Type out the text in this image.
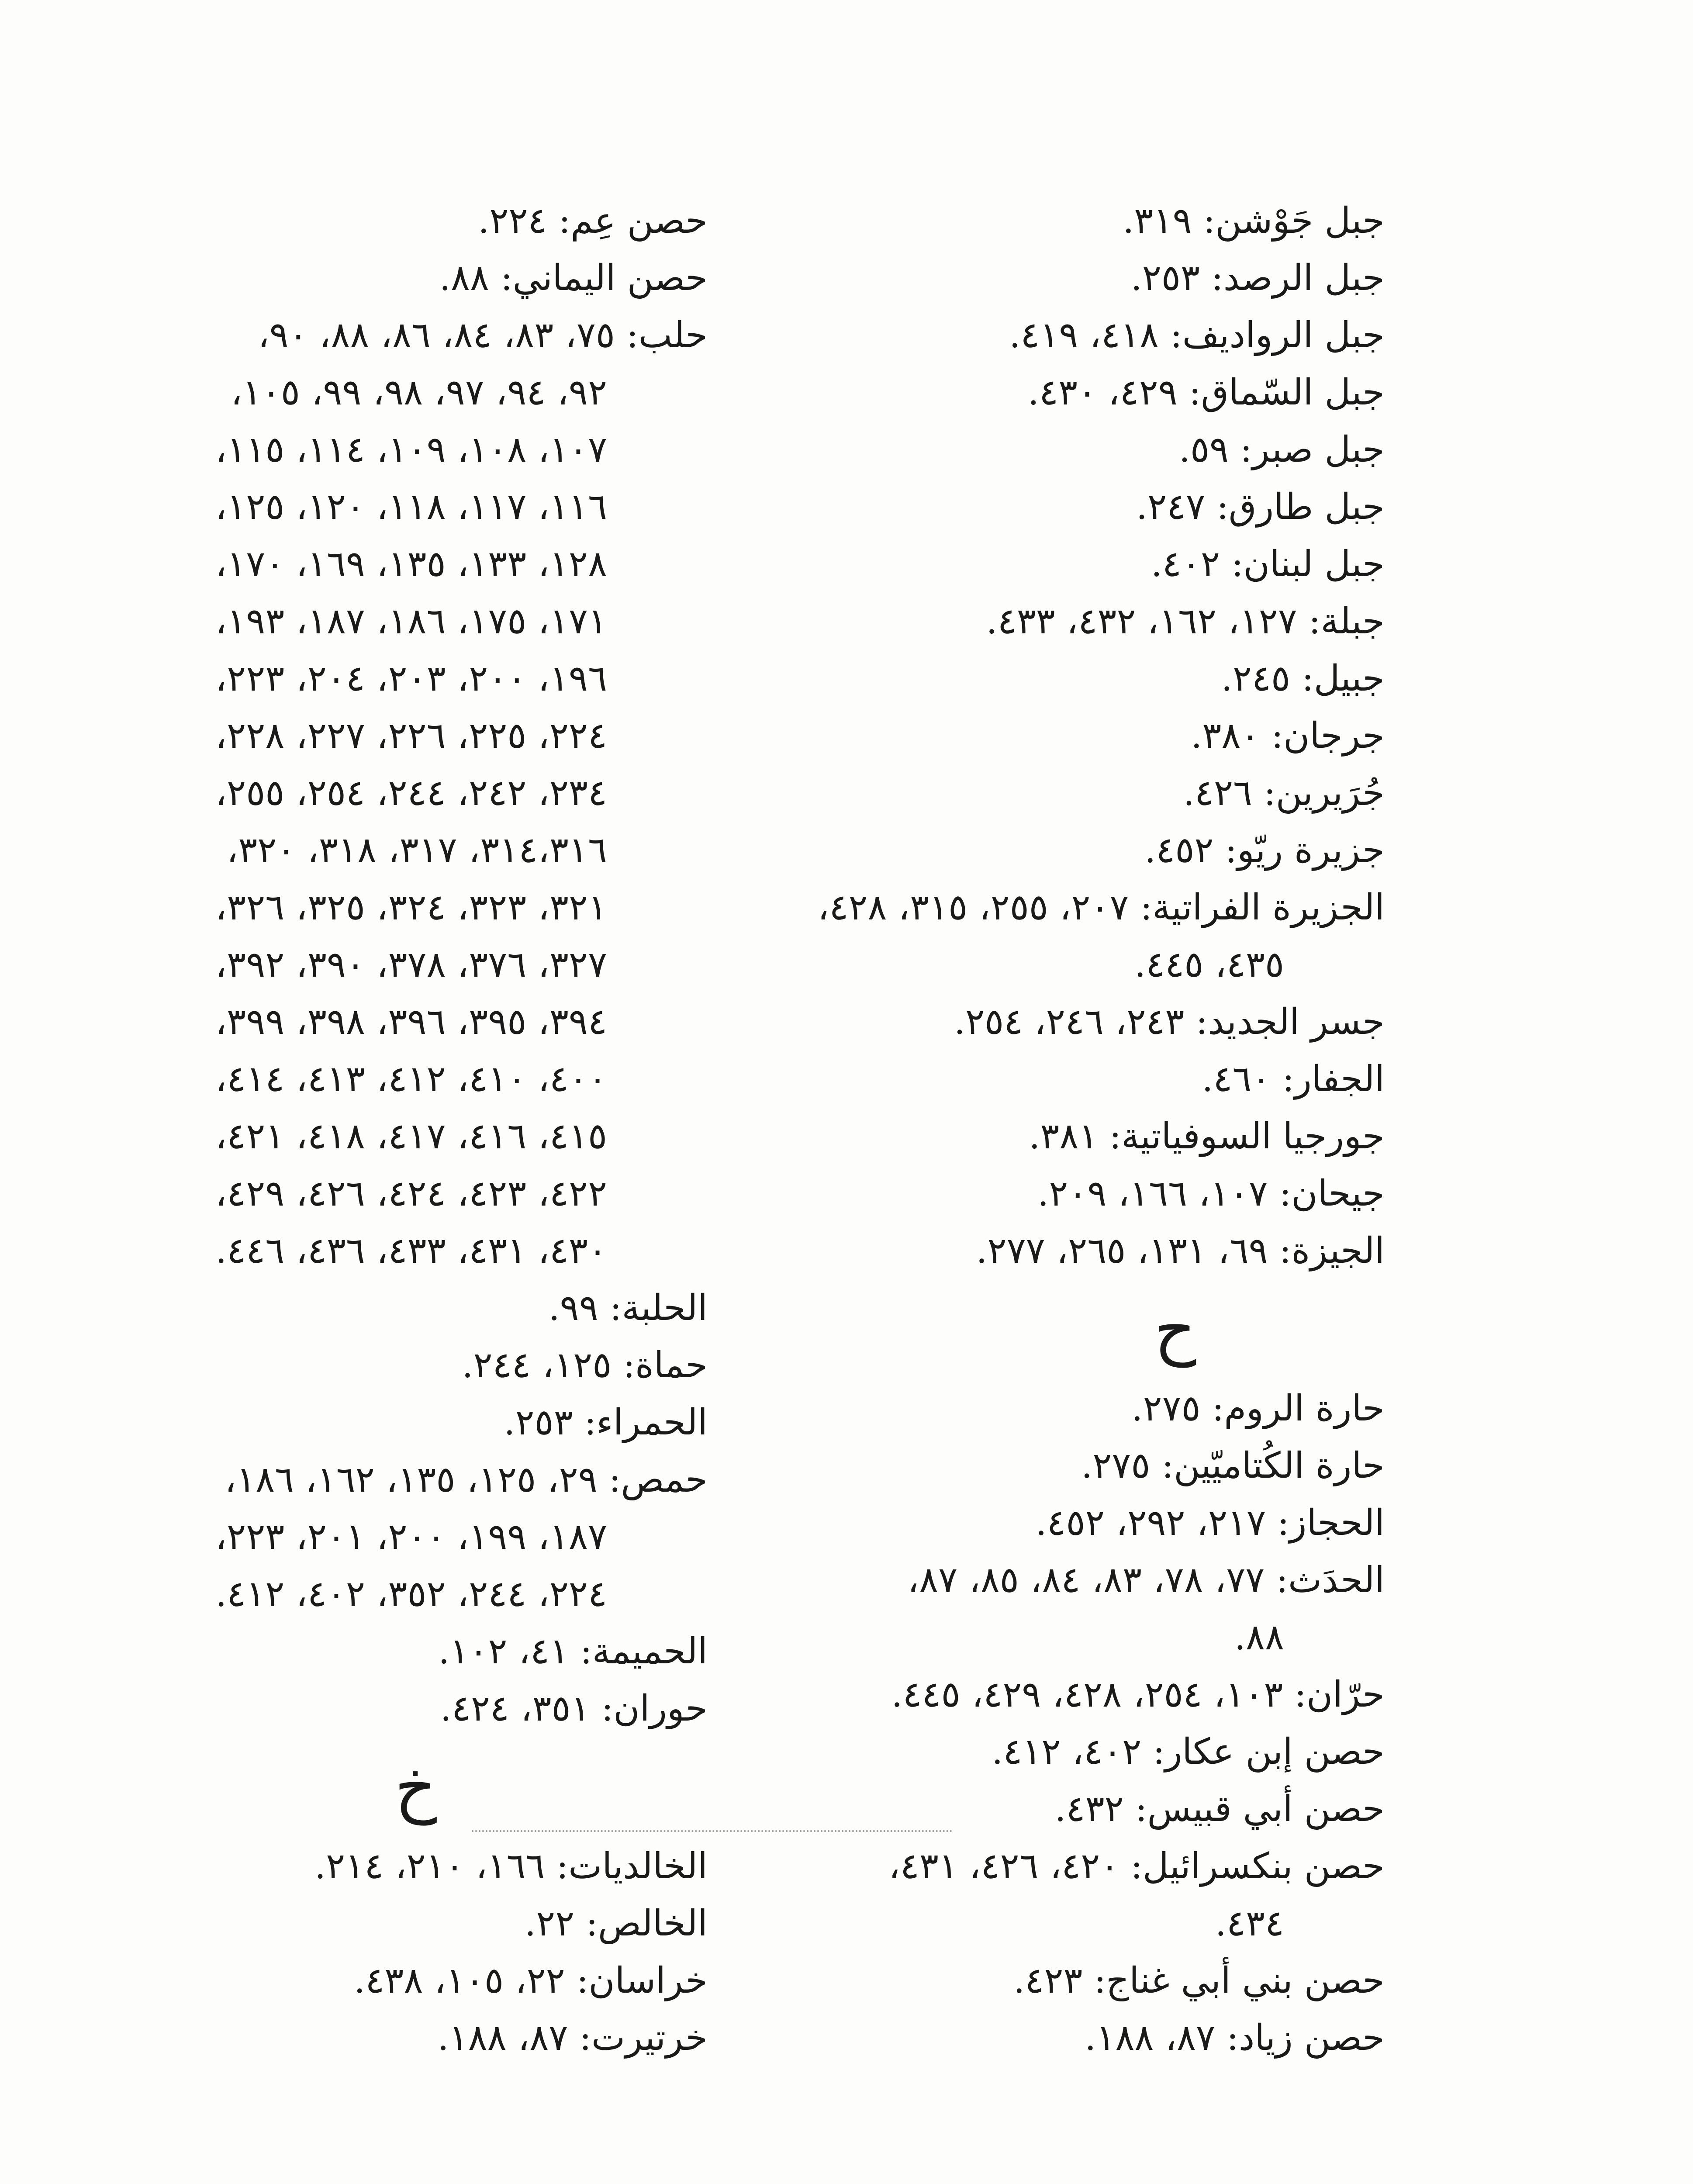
جبل جَوْشن: ٣١٩.
جبل الرصد: ٢٥٣.
جبل الرواديف: ٤١٨، ٤١٩.
جبل السّماق: ٤٢٩، ٤٣٠.
جبل صبر: ٥٩.
جبل طارق: ٢٤٧.
جبل لبنان: ٤٠٢.
جبلة: ١٢٧، ١٦٢، ٤٣٢، ٤٣٣.
جبيل: ٢٤٥.
جرجان: ٣٨٠.
جُرَيرين: ٤٢٦.
جزيرة ريّو: ٤٥٢.
الجزيرة الفراتية: ٢٠٧، ٢٥٥، ٣١٥، ٤٢٨،
٤٣٥، ٤٤٥.
جسر الجديد: ٢٤٣، ٢٤٦، ٢٥٤.
الجفار: ٤٦٠.
جورجيا السوفياتية: ٣٨١.
جيحان: ١٠٧، ١٦٦، ٢٠٩.
الجيزة: ٦٩، ١٣١، ٢٦٥، ٢٧٧.
ح
حارة الروم: ٢٧٥.
حارة الكُتاميّين: ٢٧٥.
الحجاز: ٢١٧، ٢٩٢، ٤٥٢.
الحدَث: ٧٧، ٧٨، ٨٣، ٨٤، ٨٥، ٨٧،
٨٨.
حرّان: ١٠٣، ٢٥٤، ٤٢٨، ٤٢٩، ٤٤٥.
حصن إبن عكار: ٤٠٢، ٤١٢.
حصن أبي قبيس: ٤٣٢.
حصن بنكسرائيل: ٤٢٠، ٤٢٦، ٤٣١،
٤٣٤.
حصن بني أبي غناج: ٤٢٣.
حصن زياد: ٨٧، ١٨٨.
حصن عِم: ٢٢٤.
حصن اليماني: ٨٨.
حلب: ٧٥، ٨٣، ٨٤، ٨٦، ٨٨، ٩٠،
٩٢، ٩٤، ٩٧، ٩٨، ٩٩، ١٠٥،
١٠٧، ١٠٨، ١٠٩، ١١٤، ١١٥،
١١٦، ١١٧، ١١٨، ١٢٠، ١٢٥،
١٢٨، ١٣٣، ١٣٥، ١٦٩، ١٧٠،
١٧١، ١٧٥، ١٨٦، ١٨٧، ١٩٣،
١٩٦، ٢٠٠، ٢٠٣، ٢٠٤، ٢٢٣،
٢٢٤، ٢٢٥، ٢٢٦، ٢٢٧، ٢٢٨،
٢٣٤، ٢٤٢، ٢٤٤، ٢٥٤، ٢٥٥،
٣١٤،٣١٦، ٣١٧، ٣١٨، ٣٢٠،
٣٢١، ٣٢٣، ٣٢٤، ٣٢٥، ٣٢٦،
٣٢٧، ٣٧٦، ٣٧٨، ٣٩٠، ٣٩٢،
٣٩٤، ٣٩٥، ٣٩٦، ٣٩٨، ٣٩٩،
٤٠٠، ٤١٠، ٤١٢، ٤١٣، ٤١٤،
٤١٥، ٤١٦، ٤١٧، ٤١٨، ٤٢١،
٤٢٢، ٤٢٣، ٤٢٤، ٤٢٦، ٤٢٩،
٤٣٠، ٤٣١، ٤٣٣، ٤٣٦، ٤٤٦.
الحلبة: ٩٩.
حماة: ١٢٥، ٢٤٤.
الحمراء: ٢٥٣.
حمص: ٢٩، ١٢٥، ١٣٥، ١٦٢، ١٨٦،
١٨٧، ١٩٩، ٢٠٠، ٢٠١، ٢٢٣،
٢٢٤، ٢٤٤، ٣٥٢، ٤٠٢، ٤١٢.
الحميمة: ٤١، ١٠٢.
حوران: ٣٥١، ٤٢٤.
خ
الخالديات: ١٦٦، ٢١٠، ٢١٤.
الخالص: ٢٢.
خراسان: ٢٢، ١٠٥، ٤٣٨.
خرتيرت: ٨٧، ١٨٨.
